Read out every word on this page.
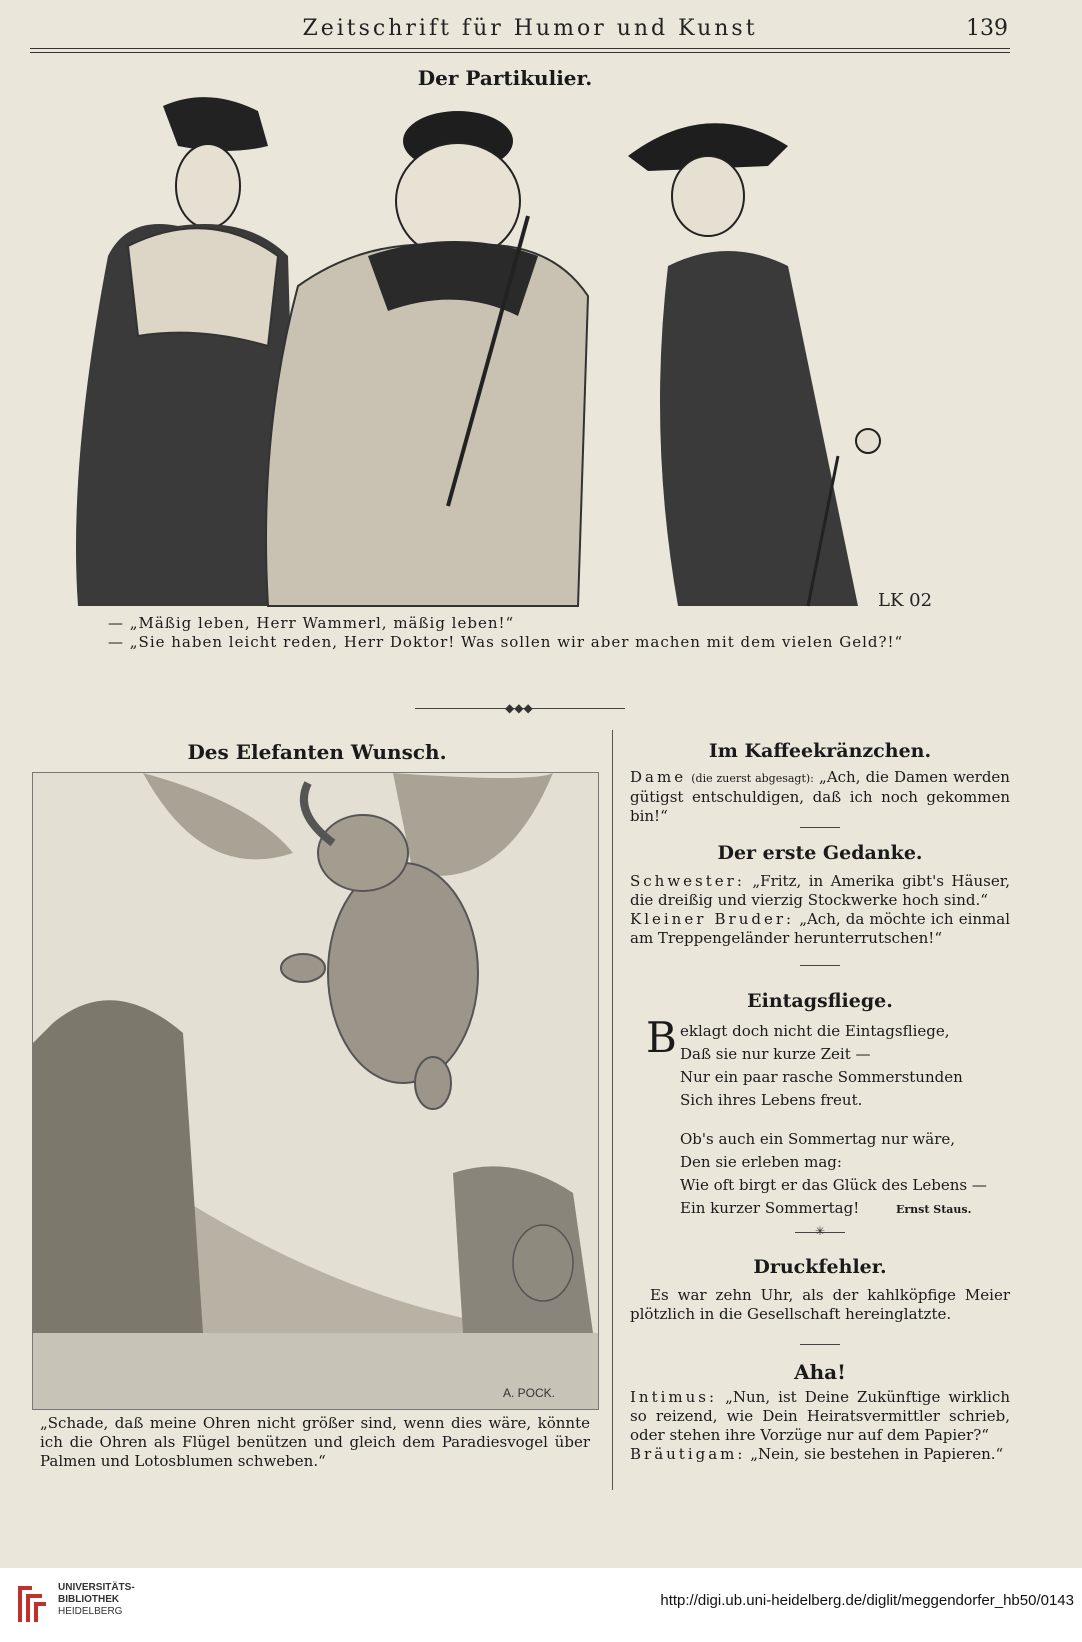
Zeitschrift für Humor und Kunst	139
Der Partikulier.
LK 02
— „Mäßig leben, Herr Wammerl, mäßig leben!“
— „Sie haben leicht reden, Herr Doktor! Was sollen wir aber machen mit dem vielen Geld?!“
◆◆◆
Des Elefanten Wunsch.
A. POCK.
„Schade, daß meine Ohren nicht größer sind, wenn dies wäre, könnte ich die Ohren als Flügel benützen und gleich dem Paradiesvogel über Palmen und Lotosblumen schweben.“
Im Kaffeekränzchen.
Dame (die zuerst abgesagt): „Ach, die Damen werden gütigst entschuldigen, daß ich noch gekommen bin!“
Der erste Gedanke.
Schwester: „Fritz, in Amerika gibt's Häuser, die dreißig und vierzig Stockwerke hoch sind.“
Kleiner Bruder: „Ach, da möchte ich einmal am Treppengeländer herunterrutschen!“
Eintagsfliege.
B eklagt doch nicht die Eintagsfliege,

Daß sie nur kurze Zeit —

Nur ein paar rasche Sommerstunden

Sich ihres Lebens freut.

Ob's auch ein Sommertag nur wäre,

Den sie erleben mag:

Wie oft birgt er das Glück des Lebens —

Ein kurzer Sommertag!	Ernst Staus.

✳
Druckfehler.
Es war zehn Uhr, als der kahlköpfige Meier plötzlich in die Gesellschaft hereinglatzte.
Aha!
Intimus: „Nun, ist Deine Zukünftige wirklich so reizend, wie Dein Heiratsvermittler schrieb, oder stehen ihre Vorzüge nur auf dem Papier?“
Bräutigam: „Nein, sie bestehen in Papieren.“
UNIVERSITÄTS-
BIBLIOTHEK
HEIDELBERG
http://digi.ub.uni-heidelberg.de/diglit/meggendorfer_hb50/0143
